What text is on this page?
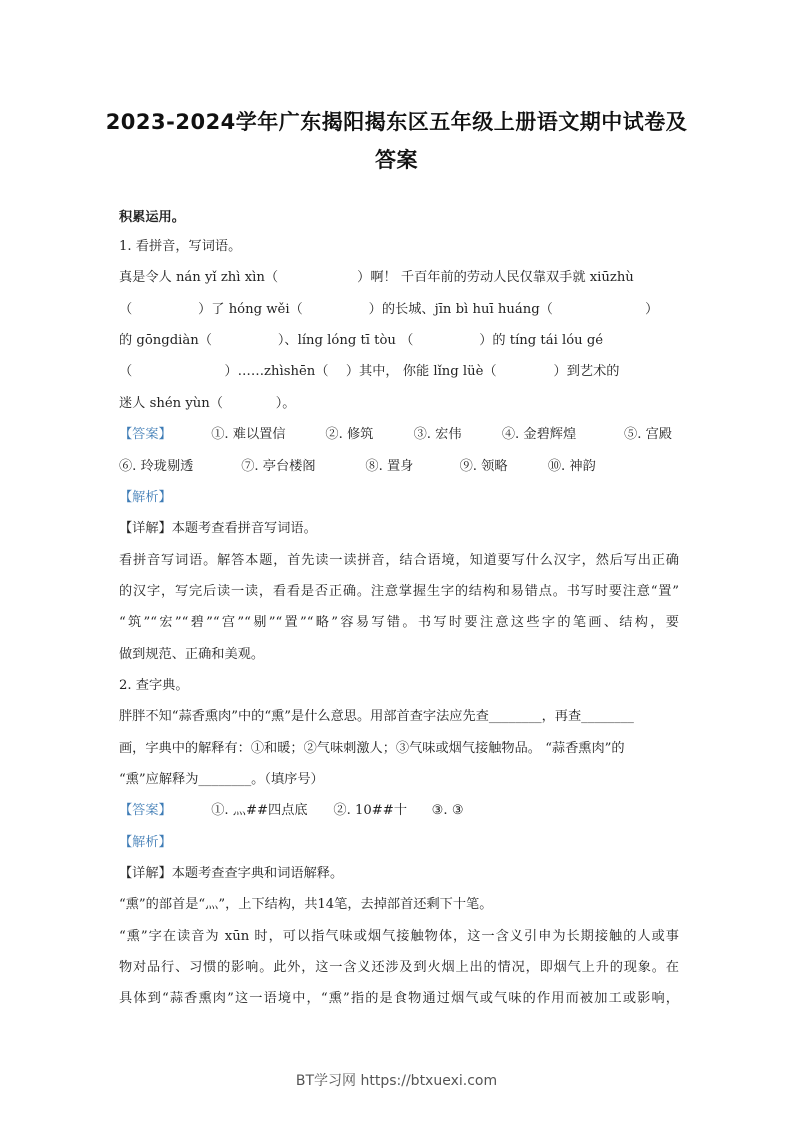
2023-2024学年广东揭阳揭东区五年级上册语文期中试卷及
答案
积累运用。
1. 看拼音，写词语。
真是令人 nán yǐ zhì xìn（　　　　　　）啊！ 千百年前的劳动人民仅靠双手就 xiūzhù
（　　　　　）了 hóng wěi（　　　　　）的长城、jīn bì huī huáng（　　　　　　　）
的 gōngdiàn（　　　　　）、líng lóng tī tòu （　　　　　）的 tíng tái lóu gé
（　　　　　　　）……zhìshēn（　 ）其中， 你能 lǐng lüè（　　　　 ）到艺术的
迷人 shén yùn（　　　　）。
【答案】	①. 难以置信	②. 修筑	③. 宏伟	④. 金碧辉煌	⑤. 宫殿
⑥. 玲珑剔透	⑦. 亭台楼阁	⑧. 置身	⑨. 领略	⑩. 神韵
【解析】
【详解】本题考查看拼音写词语。
看拼音写词语。解答本题，首先读一读拼音，结合语境，知道要写什么汉字，然后写出正确
的汉字，写完后读一读，看看是否正确。注意掌握生字的结构和易错点。书写时要注意“置”
“筑”“宏”“碧”“宫”“剔”“置”“略”容易写错。书写时要注意这些字的笔画、结构，要
做到规范、正确和美观。
2. 查字典。
胖胖不知“蒜香熏肉”中的“熏”是什么意思。用部首查字法应先查________，再查________
画，字典中的解释有：①和暖；②气味刺激人；③气味或烟气接触物品。 “蒜香熏肉”的
“熏”应解释为________。（填序号）
【答案】	①. 灬##四点底 ②. 10##十 ③. ③
【解析】
【详解】本题考查查字典和词语解释。
“熏”的部首是“灬”，上下结构，共14笔，去掉部首还剩下十笔。
“熏”字在读音为 xūn 时，可以指气味或烟气接触物体，这一含义引申为长期接触的人或事
物对品行、习惯的影响。此外，这一含义还涉及到火烟上出的情况，即烟气上升的现象。在
具体到“蒜香熏肉”这一语境中，“熏”指的是食物通过烟气或气味的作用而被加工或影响，
BT学习网 https://btxuexi.com
